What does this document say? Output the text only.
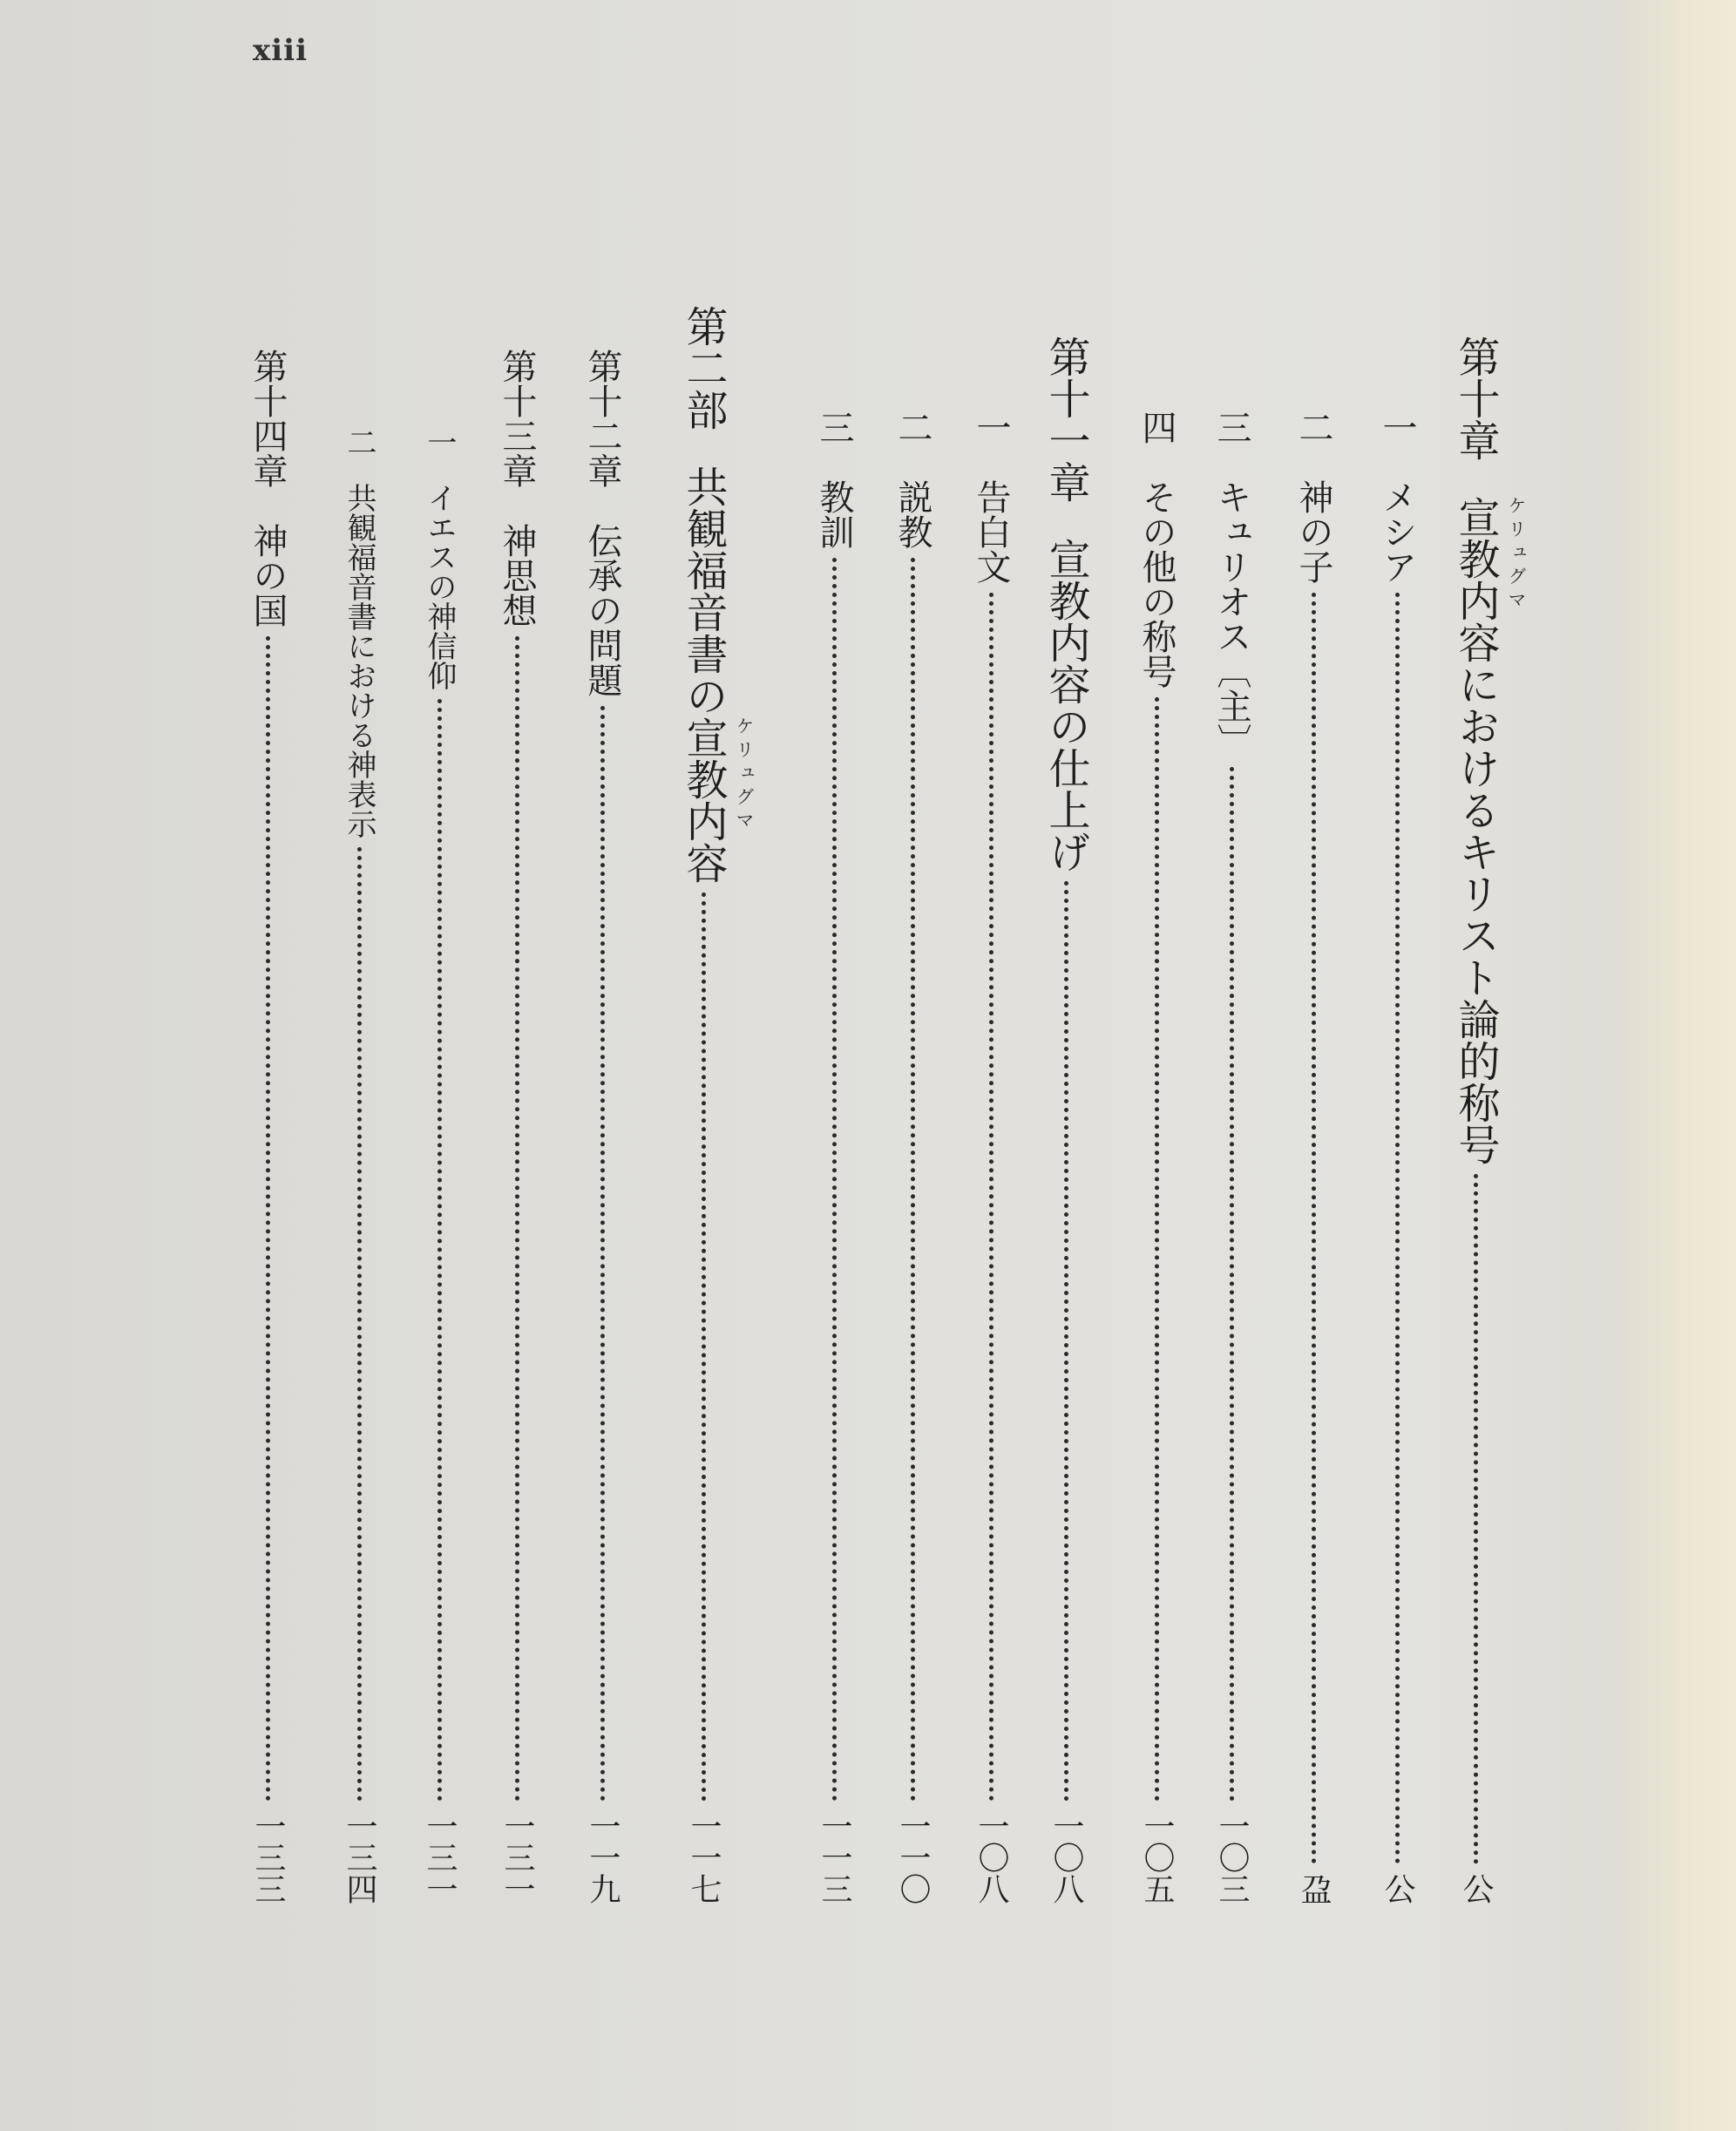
xiii
第十章
宣教内容 ケリュグマ
におけるキリスト論的称号
公
一
メシア
公
二
神の子
盁
三
キュリオス〔主〕
一〇三
四
その他の称号
一〇五
第十一章
宣教内容の仕上げ
一〇八
一
告白文
一〇八
二
説教
一一〇
三
教訓
一一三
第二部
共観福音書の宣教内容 ケリュグマ
一一七
第十二章
伝承の問題
一一九
第十三章
神思想
一三一
一
イエスの神信仰
一三一
二
共観福音書における神表示
一三四
第十四章
神の国
一三三
